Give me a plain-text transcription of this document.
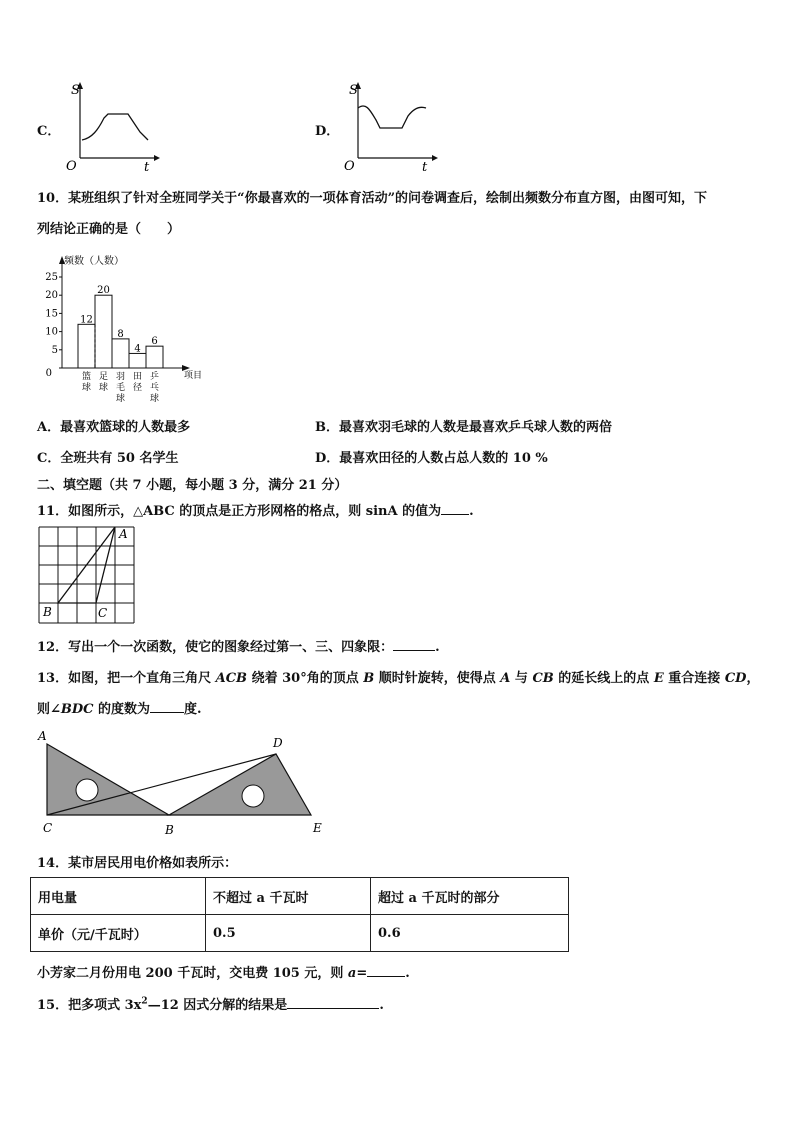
C．
S
t
O
D．
S
t
O
10．某班组织了针对全班同学关于“你最喜欢的一项体育活动”的问卷调查后，绘制出频数分布直方图，由图可知，下
列结论正确的是（　　）
频数（人数）
项目
0
5
10
15
20
25
12
篮
球
20
足
球
8
羽
毛
球
4
田
径
6
乒
乓
球
A．最喜欢篮球的人数最多	B．最喜欢羽毛球的人数是最喜欢乒乓球人数的两倍
C．全班共有 50 名学生	D．最喜欢田径的人数占总人数的 10 %
二、填空题（共 7 小题，每小题 3 分，满分 21 分）
11．如图所示，△ABC 的顶点是正方形网格的格点，则 sinA 的值为 .
A
B	C
12．写出一个一次函数，使它的图象经过第一、三、四象限：	.
13．如图，把一个直角三角尺 ACB 绕着 30°角的顶点 B 顺时针旋转，使得点 A 与 CB 的延长线上的点 E 重合连接 CD，
则∠BDC 的度数为	度.
A
C	B
D
E
14．某市居民用电价格如表所示：
用电量	不超过 a 千瓦时	超过 a 千瓦时的部分
单价（元/千瓦时）	0.5	0.6
小芳家二月份用电 200 千瓦时，交电费 105 元，则 a=	.
15．把多项式 $3x^2—12$ 因式分解的结果是	.
